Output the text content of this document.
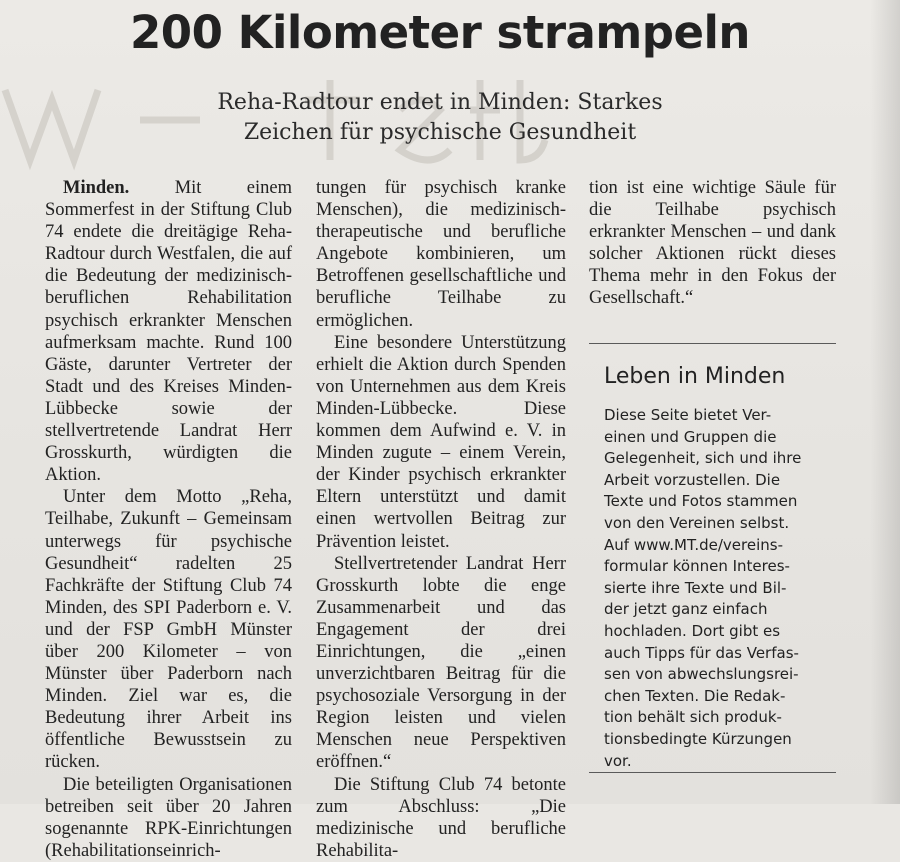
200 Kilometer strampeln
Reha-Radtour endet in Minden: Starkes
Zeichen für psychische Gesundheit

Minden. Mit einem Sommerfest in der Stiftung Club 74 endete die dreitägige Reha-Radtour durch Westfalen, die auf die Bedeutung der medizinisch-beruflichen Rehabilitation psychisch erkrankter Menschen aufmerksam machte. Rund 100 Gäste, darunter Vertreter der Stadt und des Kreises Minden-Lübbecke sowie der stellvertretende Landrat Herr Grosskurth, würdigten die Aktion.

Unter dem Motto „Reha, Teilhabe, Zukunft – Gemeinsam unterwegs für psychische Gesundheit“ radelten 25 Fachkräfte der Stiftung Club 74 Minden, des SPI Paderborn e. V. und der FSP GmbH Münster über 200 Kilometer – von Münster über Paderborn nach Minden. Ziel war es, die Bedeutung ihrer Arbeit ins öffentliche Bewusstsein zu rücken.

Die beteiligten Organisationen betreiben seit über 20 Jahren sogenannte RPK-Einrichtungen (Rehabilitationseinrich-

tungen für psychisch kranke Menschen), die medizinisch-therapeutische und berufliche Angebote kombinieren, um Betroffenen gesellschaftliche und berufliche Teilhabe zu ermöglichen.

Eine besondere Unterstützung erhielt die Aktion durch Spenden von Unternehmen aus dem Kreis Minden-Lübbecke. Diese kommen dem Aufwind e. V. in Minden zugute – einem Verein, der Kinder psychisch erkrankter Eltern unterstützt und damit einen wertvollen Beitrag zur Prävention leistet.

Stellvertretender Landrat Herr Grosskurth lobte die enge Zusammenarbeit und das Engagement der drei Einrichtungen, die „einen unverzichtbaren Beitrag für die psychosoziale Versorgung in der Region leisten und vielen Menschen neue Perspektiven eröffnen.“

Die Stiftung Club 74 betonte zum Abschluss: „Die medizinische und berufliche Rehabilita-

tion ist eine wichtige Säule für die Teilhabe psychisch erkrankter Menschen – und dank solcher Aktionen rückt dieses Thema mehr in den Fokus der Gesellschaft.“

Leben in Minden
Diese Seite bietet Ver-
einen und Gruppen die
Gelegenheit, sich und ihre
Arbeit vorzustellen. Die
Texte und Fotos stammen
von den Vereinen selbst.
Auf www.MT.de/vereins-
formular können Interes-
sierte ihre Texte und Bil-
der jetzt ganz einfach
hochladen. Dort gibt es
auch Tipps für das Verfas-
sen von abwechslungsrei-
chen Texten. Die Redak-
tion behält sich produk-
tionsbedingte Kürzungen
vor.
